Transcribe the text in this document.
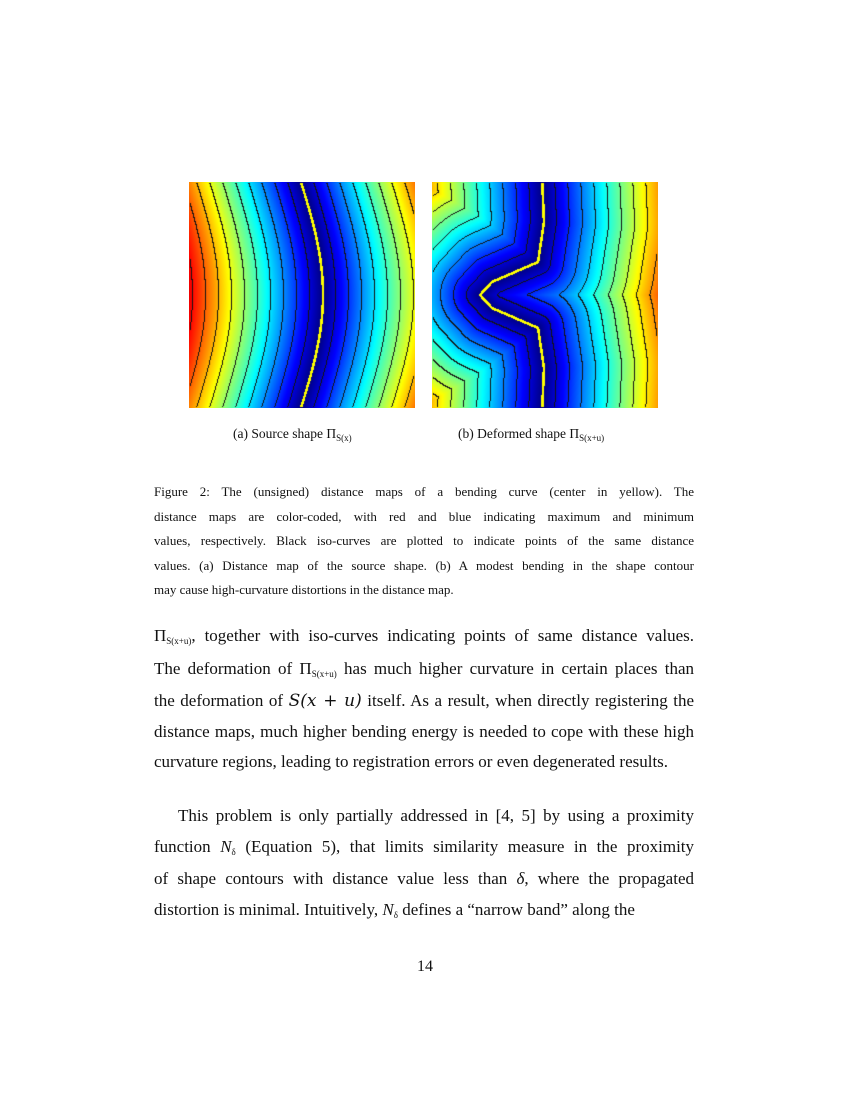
(a) Source shape $\Pi_{S(x)}$	(b) Deformed shape $\Pi_{S(x+u)}$
Figure 2: The (unsigned) distance maps of a bending curve (center in yellow). The
distance maps are color-coded, with red and blue indicating maximum and minimum
values, respectively. Black iso-curves are plotted to indicate points of the same distance
values. (a) Distance map of the source shape. (b) A modest bending in the shape contour
may cause high-curvature distortions in the distance map.
ΠS(x+u), together with iso-curves indicating points of same distance values.
The deformation of ΠS(x+u) has much higher curvature in certain places than
the deformation of S(x + u) itself. As a result, when directly registering the
distance maps, much higher bending energy is needed to cope with these high
curvature regions, leading to registration errors or even degenerated results.
This problem is only partially addressed in [4, 5] by using a proximity
function Nδ (Equation 5), that limits similarity measure in the proximity
of shape contours with distance value less than δ, where the propagated
distortion is minimal. Intuitively, Nδ defines a “narrow band” along the
14
